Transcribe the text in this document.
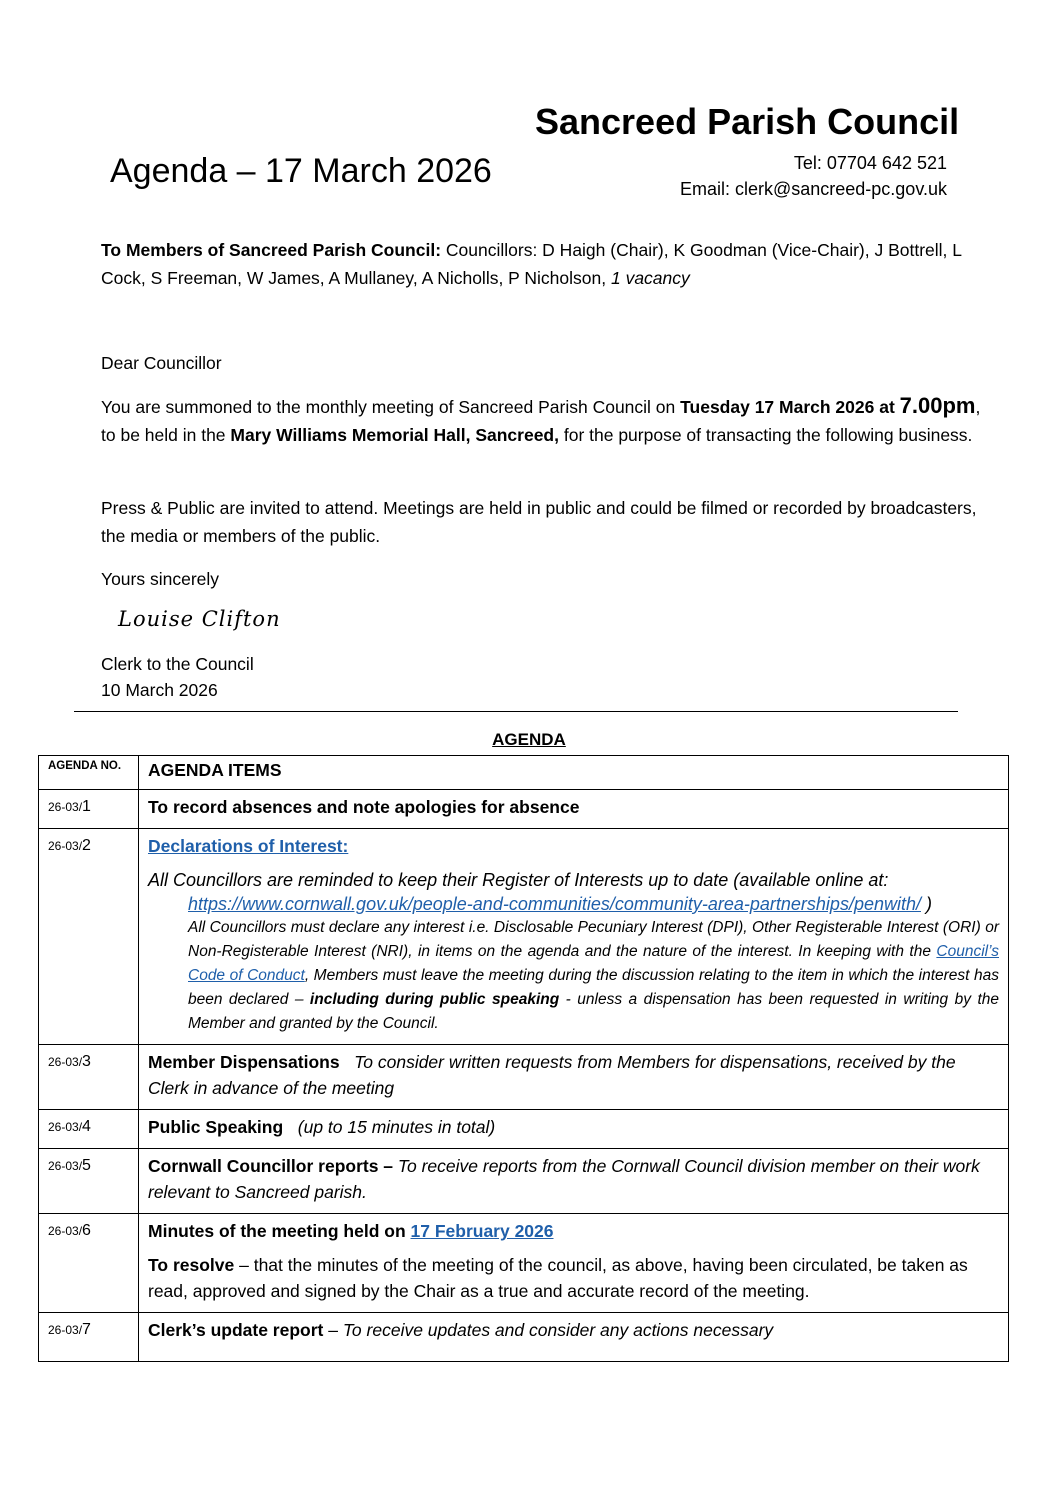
Sancreed Parish Council
Agenda – 17 March 2026	Tel: 07704 642 521
Email: clerk@sancreed-pc.gov.uk
To Members of Sancreed Parish Council: Councillors: D Haigh (Chair), K Goodman (Vice-Chair), J Bottrell, L Cock, S Freeman, W James, A Mullaney, A Nicholls, P Nicholson, 1 vacancy
Dear Councillor
You are summoned to the monthly meeting of Sancreed Parish Council on Tuesday 17 March 2026 at 7.00pm, to be held in the Mary Williams Memorial Hall, Sancreed, for the purpose of transacting the following business.
Press & Public are invited to attend. Meetings are held in public and could be filmed or recorded by broadcasters, the media or members of the public.
Yours sincerely
Louise Clifton
Clerk to the Council
10 March 2026
AGENDA
AGENDA NO.	AGENDA ITEMS
26-03/1	To record absences and note apologies for absence
26-03/2	Declarations of Interest:
All Councillors are reminded to keep their Register of Interests up to date (available online at:
https://www.cornwall.gov.uk/people-and-communities/community-area-partnerships/penwith/ )
All Councillors must declare any interest i.e. Disclosable Pecuniary Interest (DPI), Other Registerable Interest (ORI) or Non-Registerable Interest (NRI), in items on the agenda and the nature of the interest. In keeping with the Council’s Code of Conduct, Members must leave the meeting during the discussion relating to the item in which the interest has been declared – including during public speaking - unless a dispensation has been requested in writing by the Member and granted by the Council.

26-03/3	Member Dispensations To consider written requests from Members for dispensations, received by the Clerk in advance of the meeting
26-03/4	Public Speaking (up to 15 minutes in total)
26-03/5	Cornwall Councillor reports – To receive reports from the Cornwall Council division member on their work relevant to Sancreed parish.
26-03/6	Minutes of the meeting held on 17 February 2026
To resolve – that the minutes of the meeting of the council, as above, having been circulated, be taken as read, approved and signed by the Chair as a true and accurate record of the meeting.

26-03/7	Clerk’s update report – To receive updates and consider any actions necessary
